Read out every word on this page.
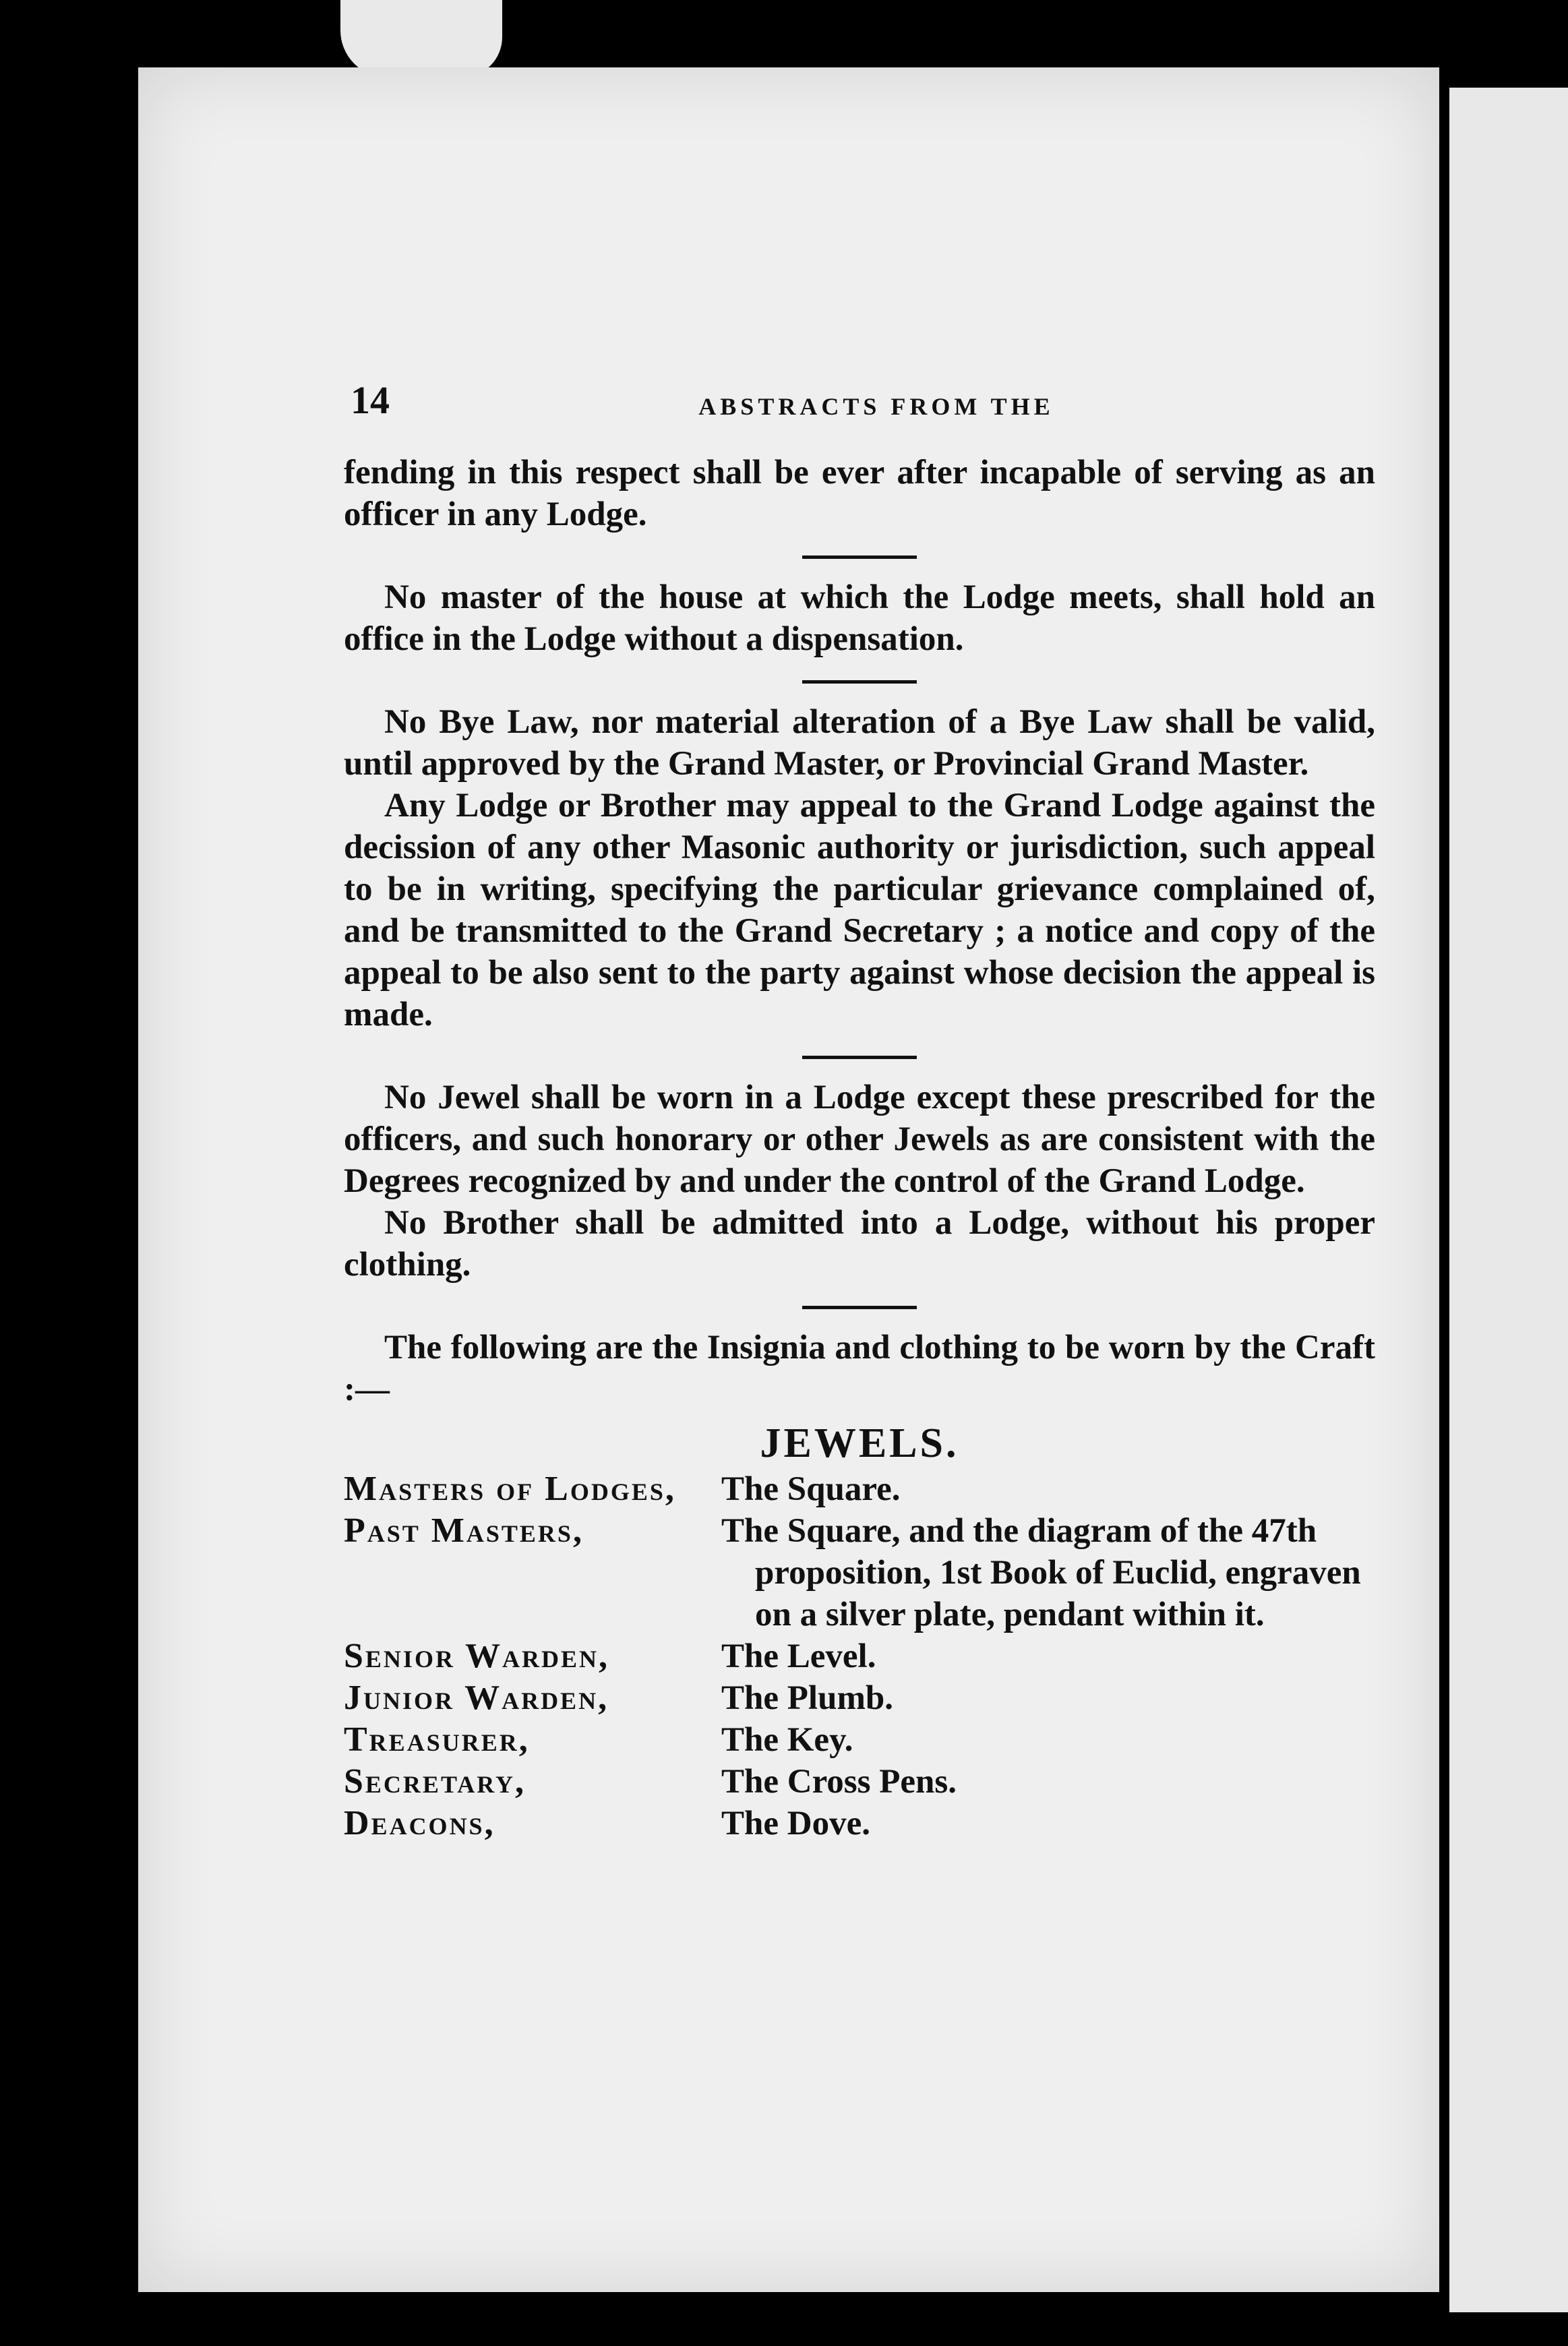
14	ABSTRACTS FROM THE

fending in this respect shall be ever after incapable of serving as an officer in any Lodge.

No master of the house at which the Lodge meets, shall hold an office in the Lodge without a dispensation.

No Bye Law, nor material alteration of a Bye Law shall be valid, until approved by the Grand Master, or Provincial Grand Master.

Any Lodge or Brother may appeal to the Grand Lodge against the decission of any other Masonic authority or jurisdiction, such appeal to be in writing, specifying the particular grievance complained of, and be transmitted to the Grand Secretary ; a notice and copy of the appeal to be also sent to the party against whose decision the appeal is made.

No Jewel shall be worn in a Lodge except these prescribed for the officers, and such honorary or other Jewels as are consistent with the Degrees recognized by and under the control of the Grand Lodge.

No Brother shall be admitted into a Lodge, without his proper clothing.

The following are the Insignia and clothing to be worn by the Craft :—

JEWELS.
Masters of Lodges,	The Square.
Past Masters,	The Square, and the diagram of the 47th proposition, 1st Book of Euclid, engraven on a silver plate, pendant within it.
Senior Warden,	The Level.
Junior Warden,	The Plumb.
Treasurer,	The Key.
Secretary,	The Cross Pens.
Deacons,	The Dove.
